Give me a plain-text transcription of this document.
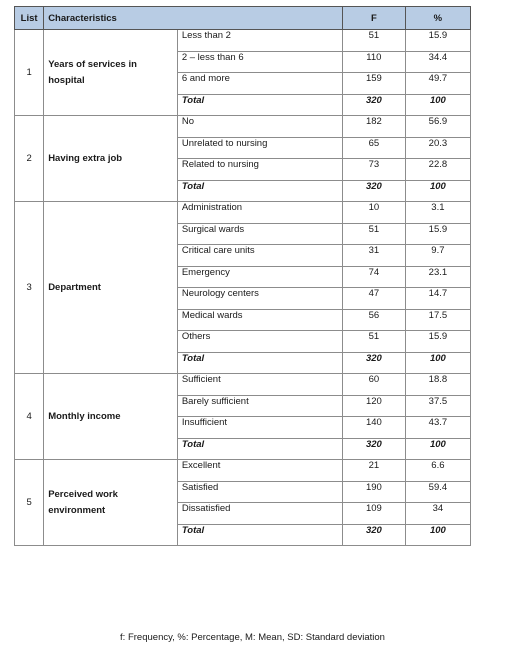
List	Characteristics		F	%
1	Years of services in hospital	Less than 2	51	15.9
		2 – less than 6	110	34.4
		6 and more	159	49.7
		Total	320	100
2	Having extra job	No	182	56.9
		Unrelated to nursing	65	20.3
		Related to nursing	73	22.8
		Total	320	100
3	Department	Administration	10	3.1
		Surgical wards	51	15.9
		Critical care units	31	9.7
		Emergency	74	23.1
		Neurology centers	47	14.7
		Medical wards	56	17.5
		Others	51	15.9
		Total	320	100
4	Monthly income	Sufficient	60	18.8
		Barely sufficient	120	37.5
		Insufficient	140	43.7
		Total	320	100
5	Perceived work environment	Excellent	21	6.6
		Satisfied	190	59.4
		Dissatisfied	109	34
		Total	320	100
f: Frequency, %: Percentage, M: Mean, SD: Standard deviation
